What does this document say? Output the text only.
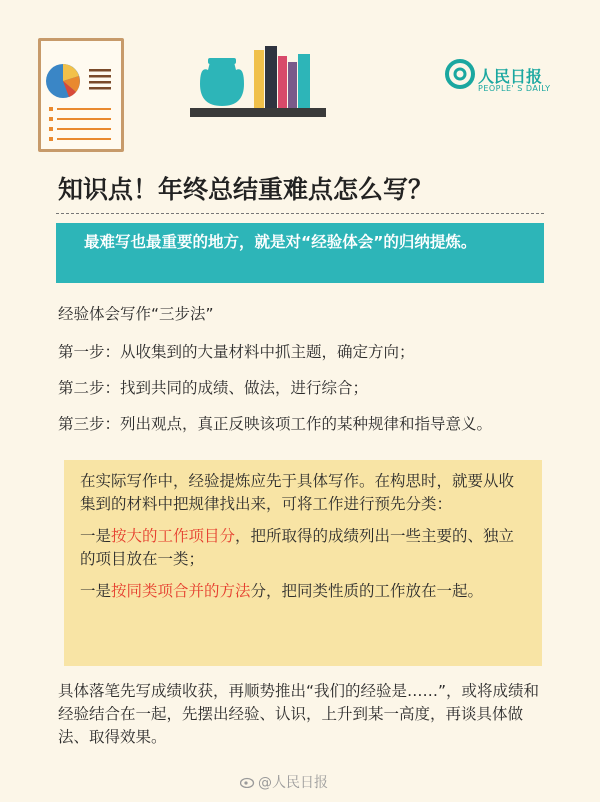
人民日报
PEOPLE' S DAILY
知识点！年终总结重难点怎么写？
最难写也最重要的地方，就是对“经验体会”的归纳提炼。
经验体会写作“三步法”
第一步：从收集到的大量材料中抓主题，确定方向；
第二步：找到共同的成绩、做法，进行综合；
第三步：列出观点，真正反映该项工作的某种规律和指导意义。
在实际写作中，经验提炼应先于具体写作。在构思时，就要从收集到的材料中把规律找出来，可将工作进行预先分类：
一是按大的工作项目分，把所取得的成绩列出一些主要的、独立的项目放在一类；
一是按同类项合并的方法分，把同类性质的工作放在一起。
具体落笔先写成绩收获，再顺势推出“我们的经验是……”，或将成绩和经验结合在一起，先摆出经验、认识，上升到某一高度，再谈具体做法、取得效果。
@人民日报
